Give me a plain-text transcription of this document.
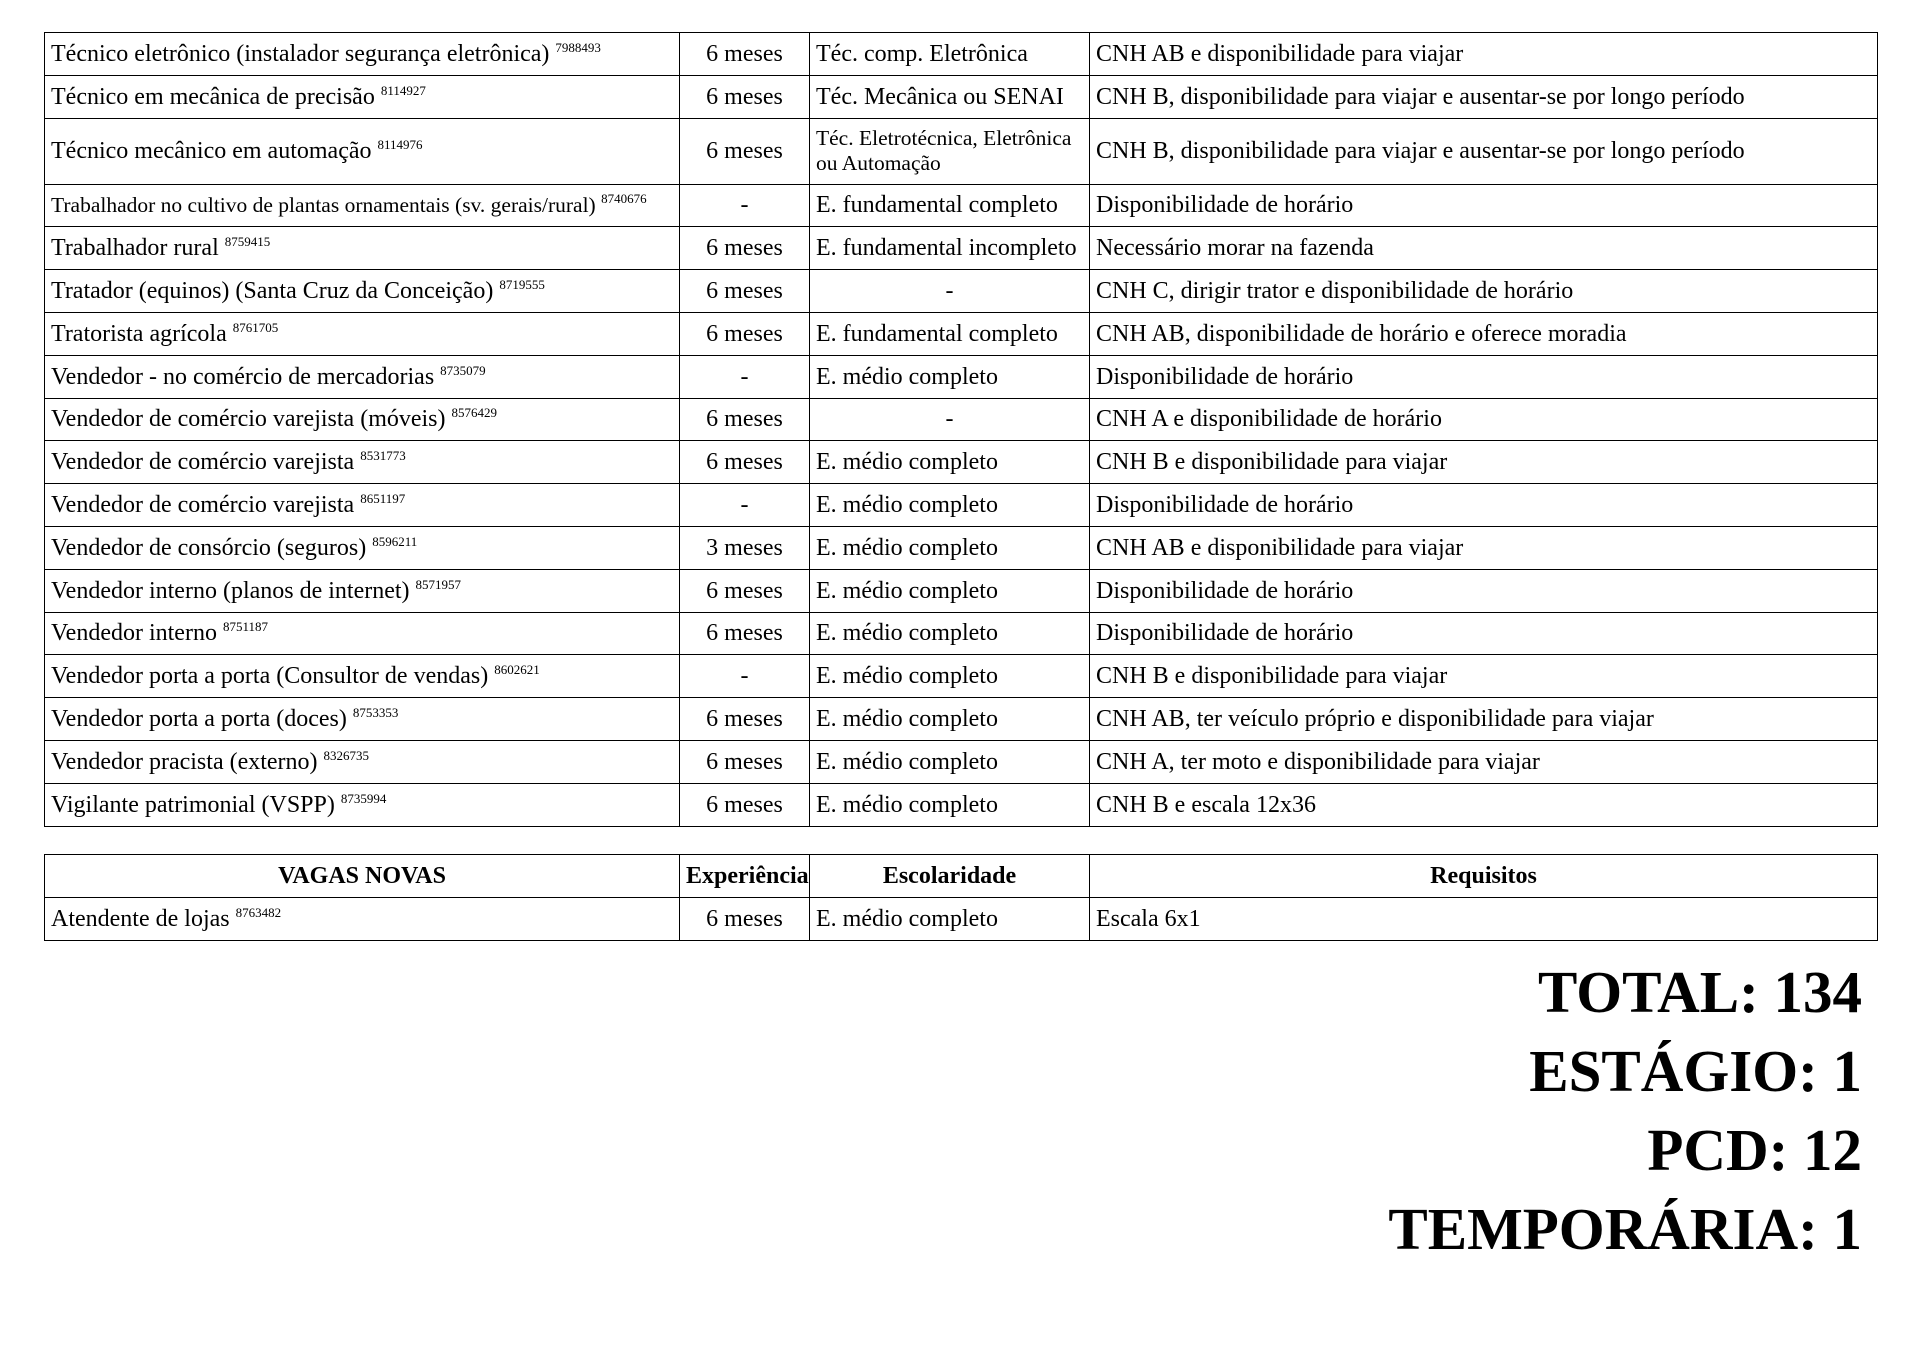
Técnico eletrônico (instalador segurança eletrônica) $^{7988493}$	6 meses	Téc. comp. Eletrônica	CNH AB e disponibilidade para viajar
Técnico em mecânica de precisão $^{8114927}$	6 meses	Téc. Mecânica ou SENAI	CNH B, disponibilidade para viajar e ausentar-se por longo período
Técnico mecânico em automação $^{8114976}$	6 meses	Téc. Eletrotécnica, Eletrônica ou Automação	CNH B, disponibilidade para viajar e ausentar-se por longo período
Trabalhador no cultivo de plantas ornamentais (sv. gerais/rural) $^{8740676}$	-	E. fundamental completo	Disponibilidade de horário
Trabalhador rural $^{8759415}$	6 meses	E. fundamental incompleto	Necessário morar na fazenda
Tratador (equinos) (Santa Cruz da Conceição) $^{8719555}$	6 meses	-	CNH C, dirigir trator e disponibilidade de horário
Tratorista agrícola $^{8761705}$	6 meses	E. fundamental completo	CNH AB, disponibilidade de horário e oferece moradia
Vendedor - no comércio de mercadorias $^{8735079}$	-	E. médio completo	Disponibilidade de horário
Vendedor de comércio varejista (móveis) $^{8576429}$	6 meses	-	CNH A e disponibilidade de horário
Vendedor de comércio varejista $^{8531773}$	6 meses	E. médio completo	CNH B e disponibilidade para viajar
Vendedor de comércio varejista $^{8651197}$	-	E. médio completo	Disponibilidade de horário
Vendedor de consórcio (seguros) $^{8596211}$	3 meses	E. médio completo	CNH AB e disponibilidade para viajar
Vendedor interno (planos de internet) $^{8571957}$	6 meses	E. médio completo	Disponibilidade de horário
Vendedor interno $^{8751187}$	6 meses	E. médio completo	Disponibilidade de horário
Vendedor porta a porta (Consultor de vendas) $^{8602621}$	-	E. médio completo	CNH B e disponibilidade para viajar
Vendedor porta a porta (doces) $^{8753353}$	6 meses	E. médio completo	CNH AB, ter veículo próprio e disponibilidade para viajar
Vendedor pracista (externo) $^{8326735}$	6 meses	E. médio completo	CNH A, ter moto e disponibilidade para viajar
Vigilante patrimonial (VSPP) $^{8735994}$	6 meses	E. médio completo	CNH B e escala 12x36
VAGAS NOVAS	Experiência	Escolaridade	Requisitos
Atendente de lojas $^{8763482}$	6 meses	E. médio completo	Escala 6x1
TOTAL: 134
ESTÁGIO: 1
PCD: 12
TEMPORÁRIA: 1
